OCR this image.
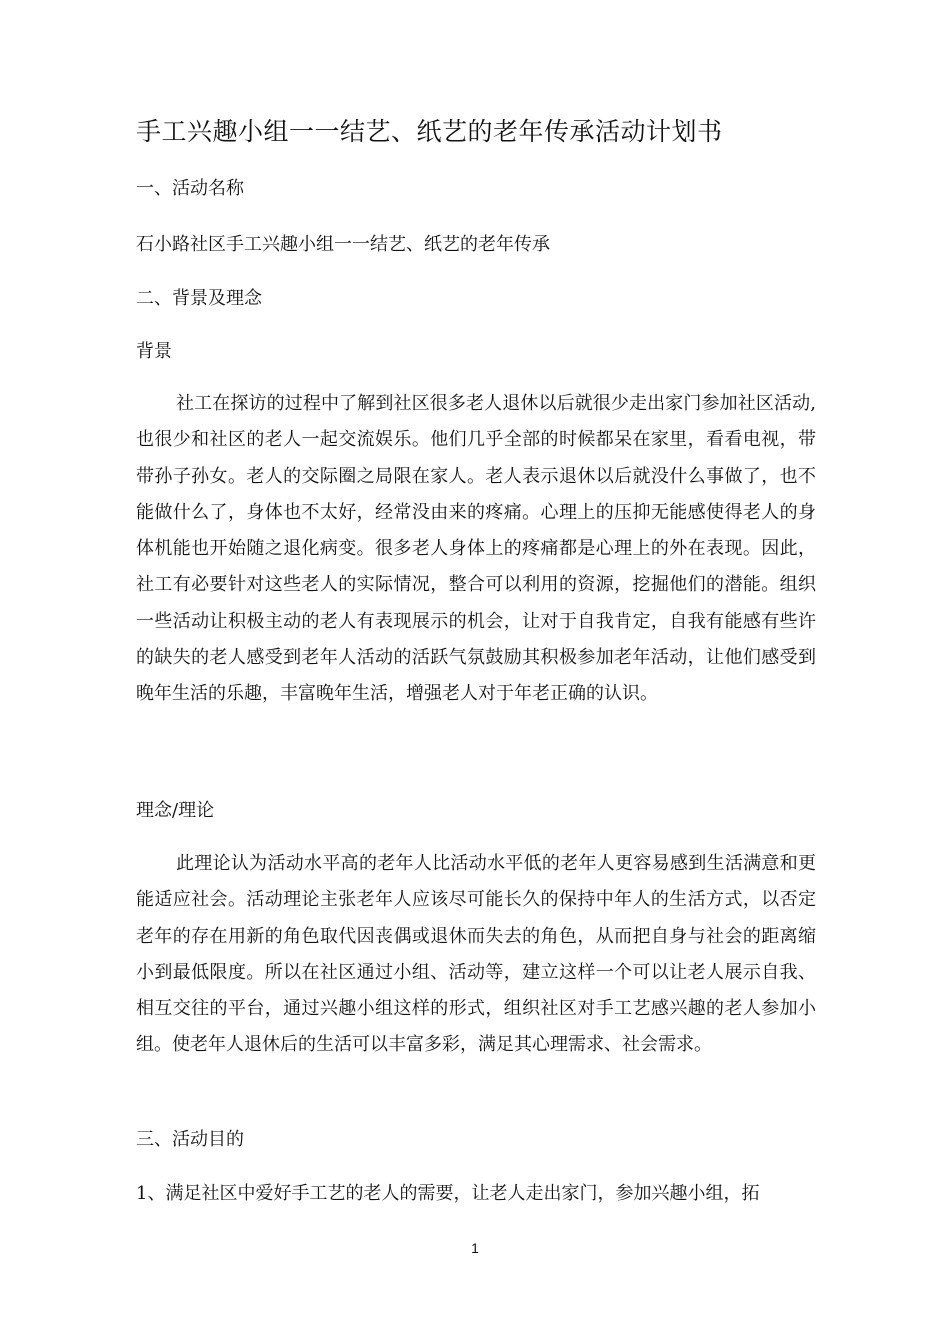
手工兴趣小组一一结艺、纸艺的老年传承活动计划书
一、活动名称
石小路社区手工兴趣小组一一结艺、纸艺的老年传承
二、背景及理念
背景
社工在探访的过程中了解到社区很多老人退休以后就很少走出家门参加社区活动,也很少和社区的老人一起交流娱乐。他们几乎全部的时候都呆在家里，看看电视，带带孙子孙女。老人的交际圈之局限在家人。老人表示退休以后就没什么事做了，也不能做什么了，身体也不太好，经常没由来的疼痛。心理上的压抑无能感使得老人的身体机能也开始随之退化病变。很多老人身体上的疼痛都是心理上的外在表现。因此，社工有必要针对这些老人的实际情况，整合可以利用的资源，挖掘他们的潜能。组织一些活动让积极主动的老人有表现展示的机会，让对于自我肯定，自我有能感有些许的缺失的老人感受到老年人活动的活跃气氛鼓励其积极参加老年活动，让他们感受到晚年生活的乐趣，丰富晚年生活，增强老人对于年老正确的认识。
理念/理论
此理论认为活动水平高的老年人比活动水平低的老年人更容易感到生活满意和更能适应社会。活动理论主张老年人应该尽可能长久的保持中年人的生活方式，以否定老年的存在用新的角色取代因丧偶或退休而失去的角色，从而把自身与社会的距离缩小到最低限度。所以在社区通过小组、活动等，建立这样一个可以让老人展示自我、相互交往的平台，通过兴趣小组这样的形式，组织社区对手工艺感兴趣的老人参加小组。使老年人退休后的生活可以丰富多彩，满足其心理需求、社会需求。
三、活动目的
1、满足社区中爱好手工艺的老人的需要，让老人走出家门，参加兴趣小组，拓
1
